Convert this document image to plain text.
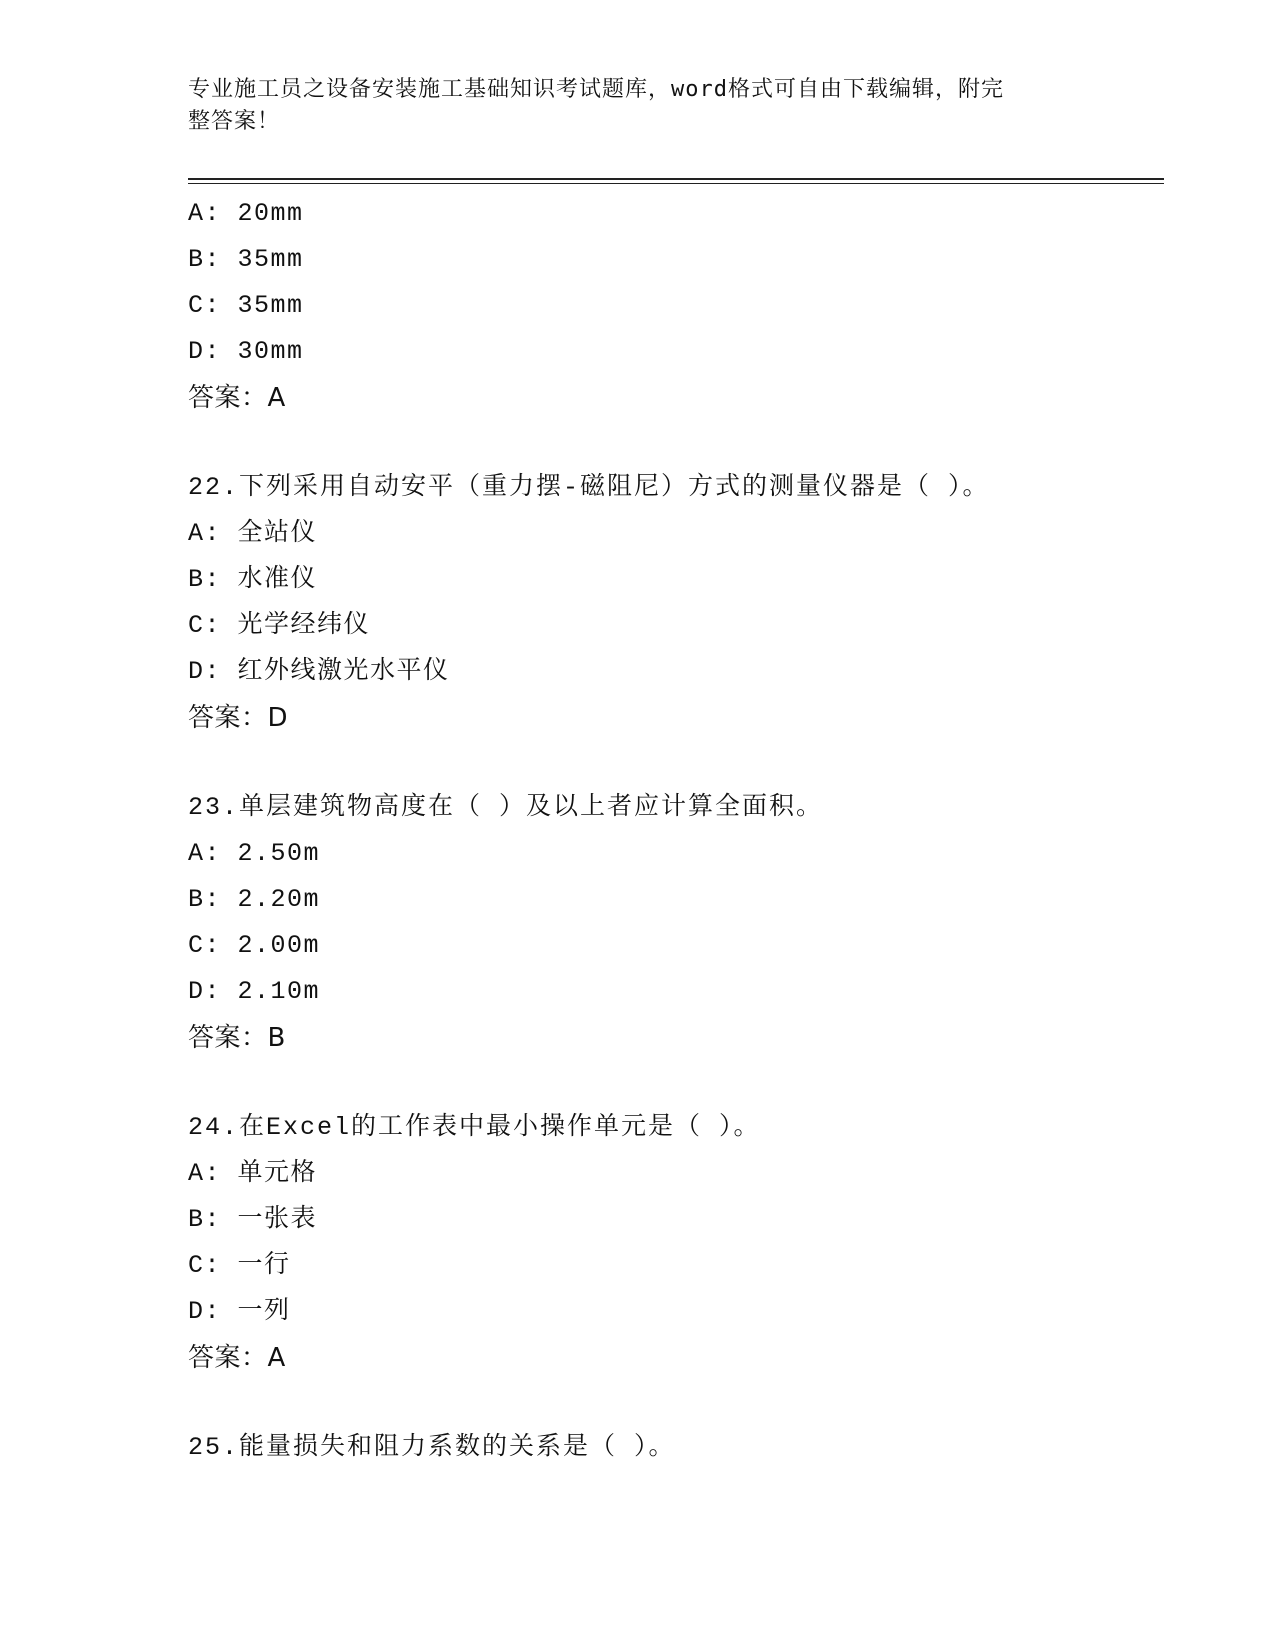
专业施工员之设备安装施工基础知识考试题库，word格式可自由下载编辑，附完
整答案！
A: 20mm
B: 35mm
C: 35mm
D: 30mm
答案：A
22.下列采用自动安平（重力摆-磁阻尼）方式的测量仪器是（ ）。
A: 全站仪
B: 水准仪
C: 光学经纬仪
D: 红外线激光水平仪
答案：D
23.单层建筑物高度在（ ）及以上者应计算全面积。
A: 2.50m
B: 2.20m
C: 2.00m
D: 2.10m
答案：B
24.在Excel的工作表中最小操作单元是（ ）。
A: 单元格
B: 一张表
C: 一行
D: 一列
答案：A
25.能量损失和阻力系数的关系是（ ）。
